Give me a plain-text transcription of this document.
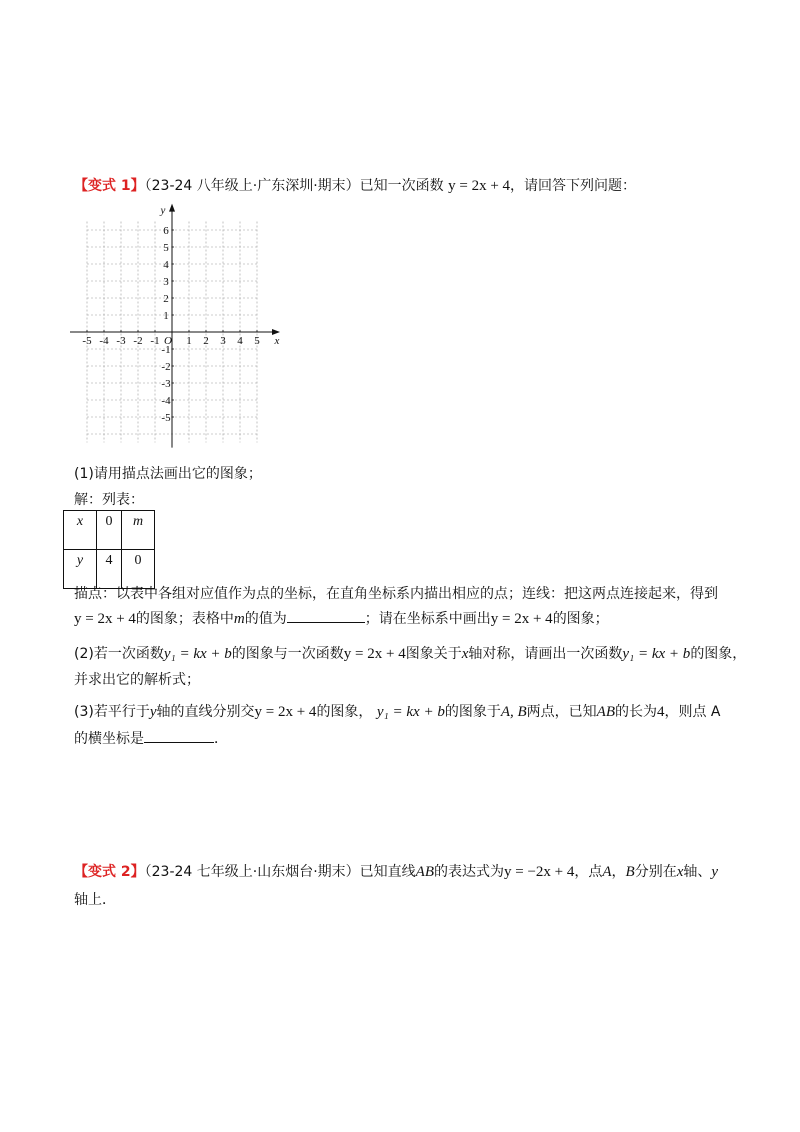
【变式 1】（23-24 八年级上·广东深圳·期末）已知一次函数 y = 2x + 4，请回答下列问题：
-5 -4 -3 -2 -1 1 2 3 4 5
6
5
4
3
2
1
-1
-2
-3
-4
-5
O	x
y
(1)请用描点法画出它的图象；
解：列表：
x	0	m
y	4	0
描点：以表中各组对应值作为点的坐标，在直角坐标系内描出相应的点；连线：把这两点连接起来，得到
y = 2x + 4的图象；表格中m的值为	；请在坐标系中画出y = 2x + 4的图象；
(2)若一次函数y₁ = kx + b的图象与一次函数y = 2x + 4图象关于x轴对称，请画出一次函数y₁ = kx + b的图象，
并求出它的解析式；
(3)若平行于y轴的直线分别交y = 2x + 4的图象， y₁ = kx + b的图象于A, B两点，已知AB的长为4，则点 A
的横坐标是	．
【变式 2】（23-24 七年级上·山东烟台·期末）已知直线AB的表达式为y = −2x + 4，点A，B分别在x轴、y
轴上．
